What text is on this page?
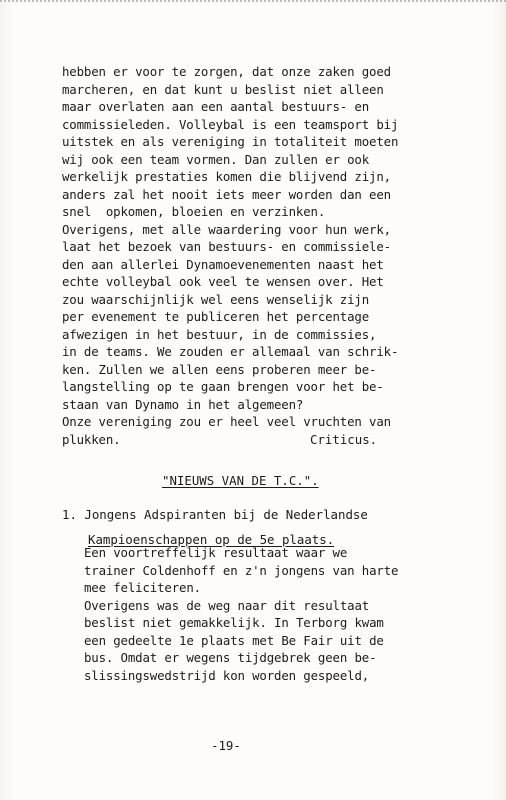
hebben er voor te zorgen, dat onze zaken goed
marcheren, en dat kunt u beslist niet alleen
maar overlaten aan een aantal bestuurs- en
commissieleden. Volleybal is een teamsport bij
uitstek en als vereniging in totaliteit moeten
wij ook een team vormen. Dan zullen er ook
werkelijk prestaties komen die blijvend zijn,
anders zal het nooit iets meer worden dan een
snel  opkomen, bloeien en verzinken.
Overigens, met alle waardering voor hun werk,
laat het bezoek van bestuurs- en commissiele-
den aan allerlei Dynamoevenementen naast het
echte volleybal ook veel te wensen over. Het
zou waarschijnlijk wel eens wenselijk zijn
per evenement te publiceren het percentage
afwezigen in het bestuur, in de commissies,
in de teams. We zouden er allemaal van schrik-
ken. Zullen we allen eens proberen meer be-
langstelling op te gaan brengen voor het be-
staan van Dynamo in het algemeen?
Onze vereniging zou er heel veel vruchten van
plukken.	Criticus.
"NIEUWS VAN DE T.C.".
1. Jongens Adspiranten bij de Nederlandse
Kampioenschappen op de 5e plaats.
Een voortreffelijk resultaat waar we
trainer Coldenhoff en z'n jongens van harte
mee feliciteren.
Overigens was de weg naar dit resultaat
beslist niet gemakkelijk. In Terborg kwam
een gedeelte 1e plaats met Be Fair uit de
bus. Omdat er wegens tijdgebrek geen be-
slissingswedstrijd kon worden gespeeld,
-19-
